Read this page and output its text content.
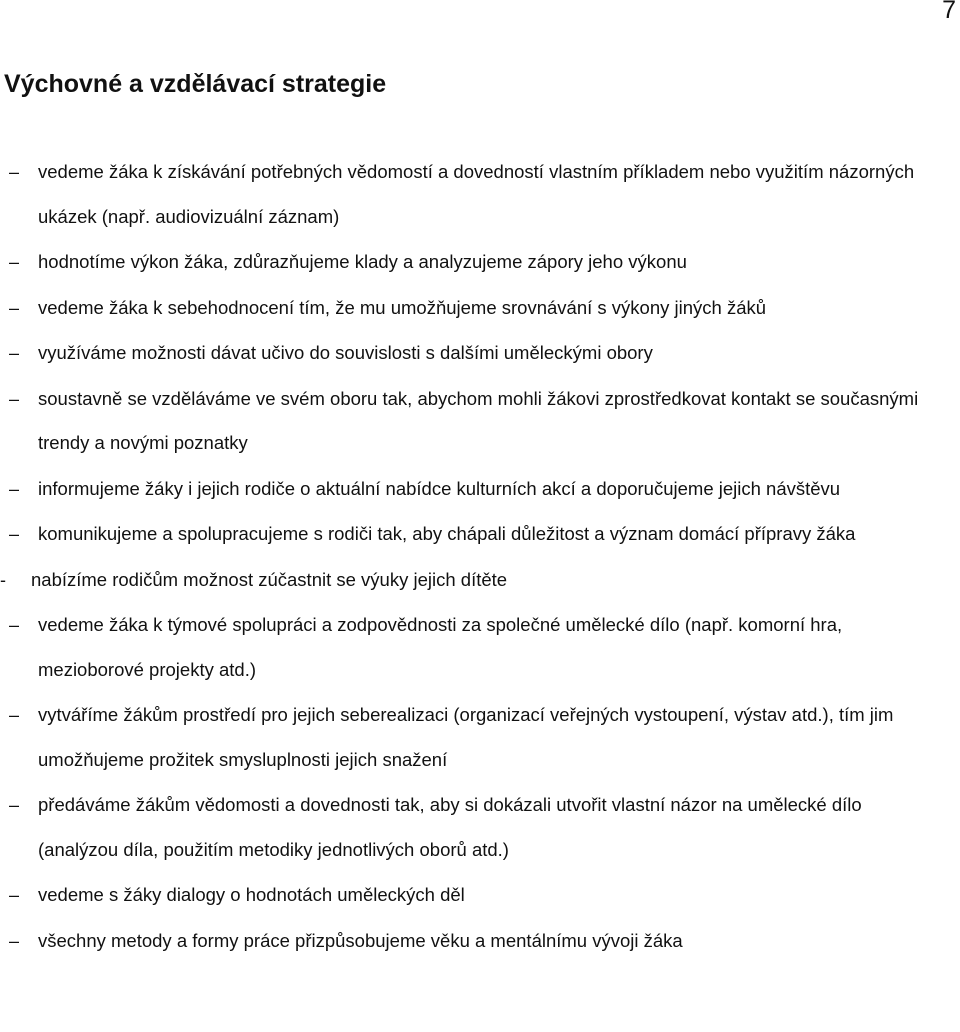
7
Výchovné a vzdělávací strategie
–	vedeme žáka k získávání potřebných vědomostí a dovedností vlastním příkladem nebo využitím názorných ukázek (např. audiovizuální záznam)
–	hodnotíme výkon žáka, zdůrazňujeme klady a analyzujeme zápory jeho výkonu
–	vedeme žáka k sebehodnocení tím, že mu umožňujeme srovnávání s výkony jiných žáků
–	využíváme možnosti dávat učivo do souvislosti s dalšími uměleckými obory
–	soustavně se vzděláváme ve svém oboru tak, abychom mohli žákovi zprostředkovat kontakt se současnými trendy a novými poznatky
–	informujeme žáky i jejich rodiče o aktuální nabídce kulturních akcí a doporučujeme jejich návštěvu
–	komunikujeme a spolupracujeme s rodiči tak, aby chápali důležitost a význam domácí přípravy žáka
-	nabízíme rodičům možnost zúčastnit se výuky jejich dítěte
–	vedeme žáka k týmové spolupráci a zodpovědnosti za společné umělecké dílo (např. komorní hra, mezioborové projekty atd.)
–	vytváříme žákům prostředí pro jejich seberealizaci (organizací veřejných vystoupení, výstav atd.), tím jim umožňujeme prožitek smysluplnosti jejich snažení
–	předáváme žákům vědomosti a dovednosti tak, aby si dokázali utvořit vlastní názor na umělecké dílo (analýzou díla, použitím metodiky jednotlivých oborů atd.)
–	vedeme s žáky dialogy o hodnotách uměleckých děl
–	všechny metody a formy práce přizpůsobujeme věku a mentálnímu vývoji žáka
